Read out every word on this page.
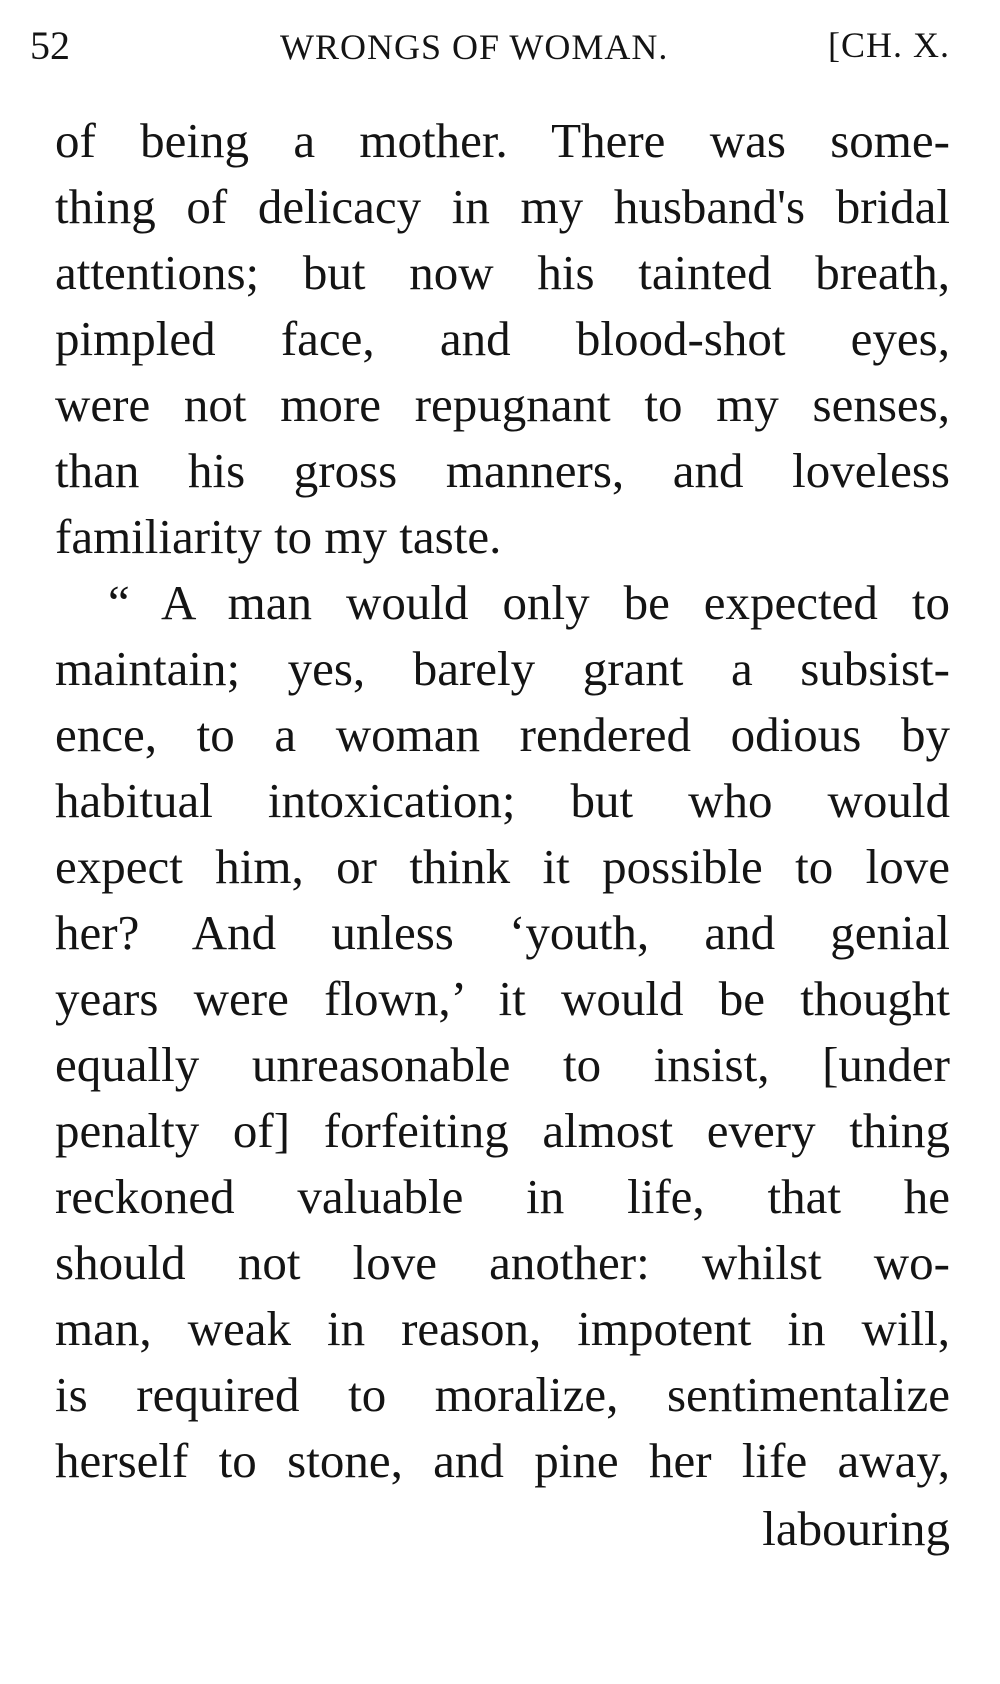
52	WRONGS OF WOMAN.	[CH. X.
of being a mother. There was some-
thing of delicacy in my husband's bridal
attentions; but now his tainted breath,
pimpled face, and blood-shot eyes,
were not more repugnant to my senses,
than his gross manners, and loveless
familiarity to my taste.
“ A man would only be expected to
maintain; yes, barely grant a subsist-
ence, to a woman rendered odious by
habitual intoxication; but who would
expect him, or think it possible to love
her? And unless ‘youth, and genial
years were flown,’ it would be thought
equally unreasonable to insist, [under
penalty of] forfeiting almost every thing
reckoned valuable in life, that he
should not love another: whilst wo-
man, weak in reason, impotent in will,
is required to moralize, sentimentalize
herself to stone, and pine her life away,
labouring
